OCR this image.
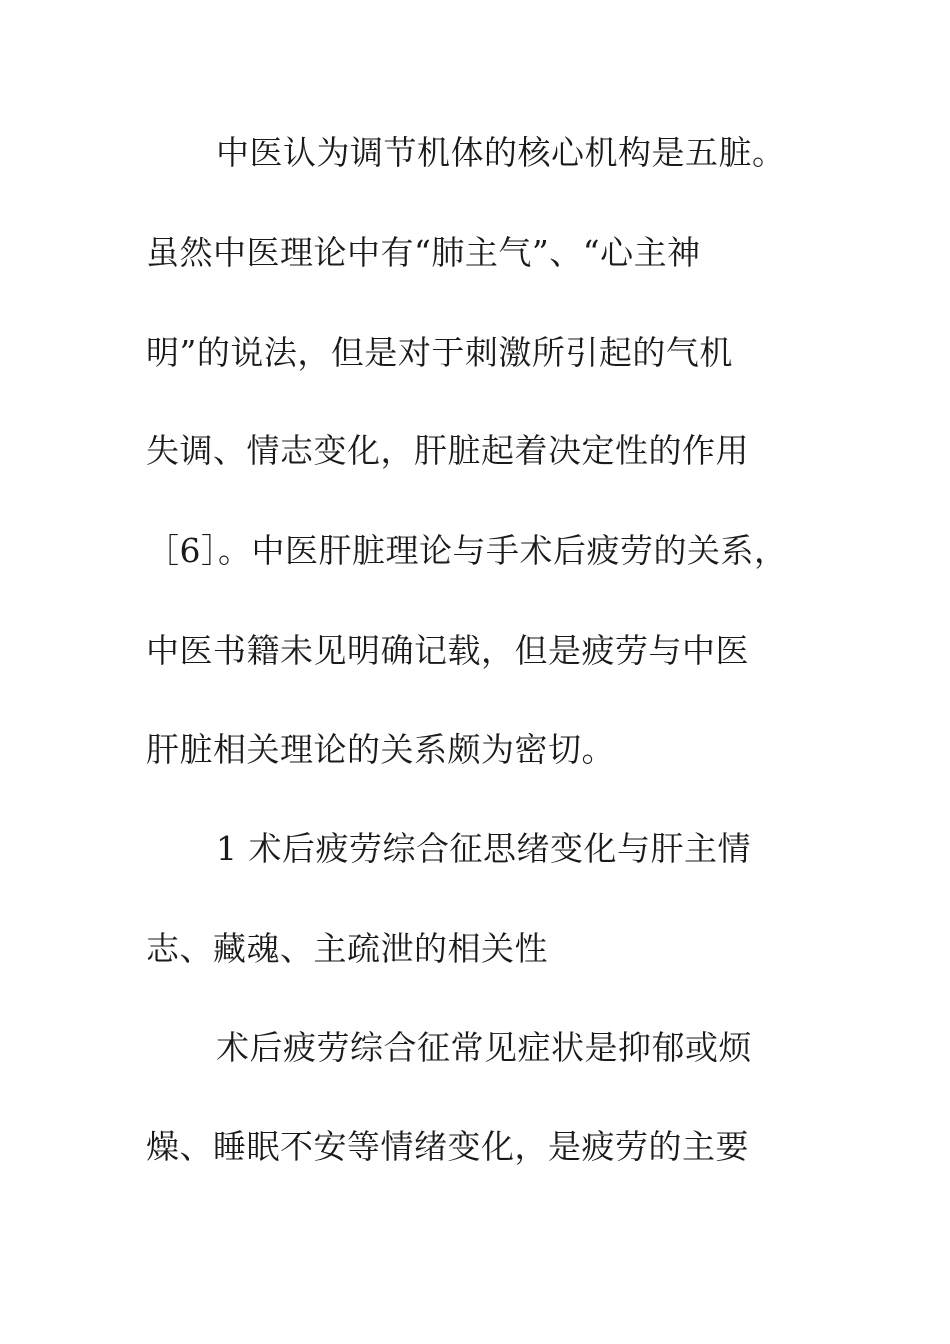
中医认为调节机体的核心机构是五脏。

虽然中医理论中有“肺主气”、“心主神

明”的说法，但是对于刺激所引起的气机

失调、情志变化，肝脏起着决定性的作用

［6］。中医肝脏理论与手术后疲劳的关系，

中医书籍未见明确记载，但是疲劳与中医

肝脏相关理论的关系颇为密切。

1 术后疲劳综合征思绪变化与肝主情

志、藏魂、主疏泄的相关性

术后疲劳综合征常见症状是抑郁或烦

燥、睡眠不安等情绪变化，是疲劳的主要
